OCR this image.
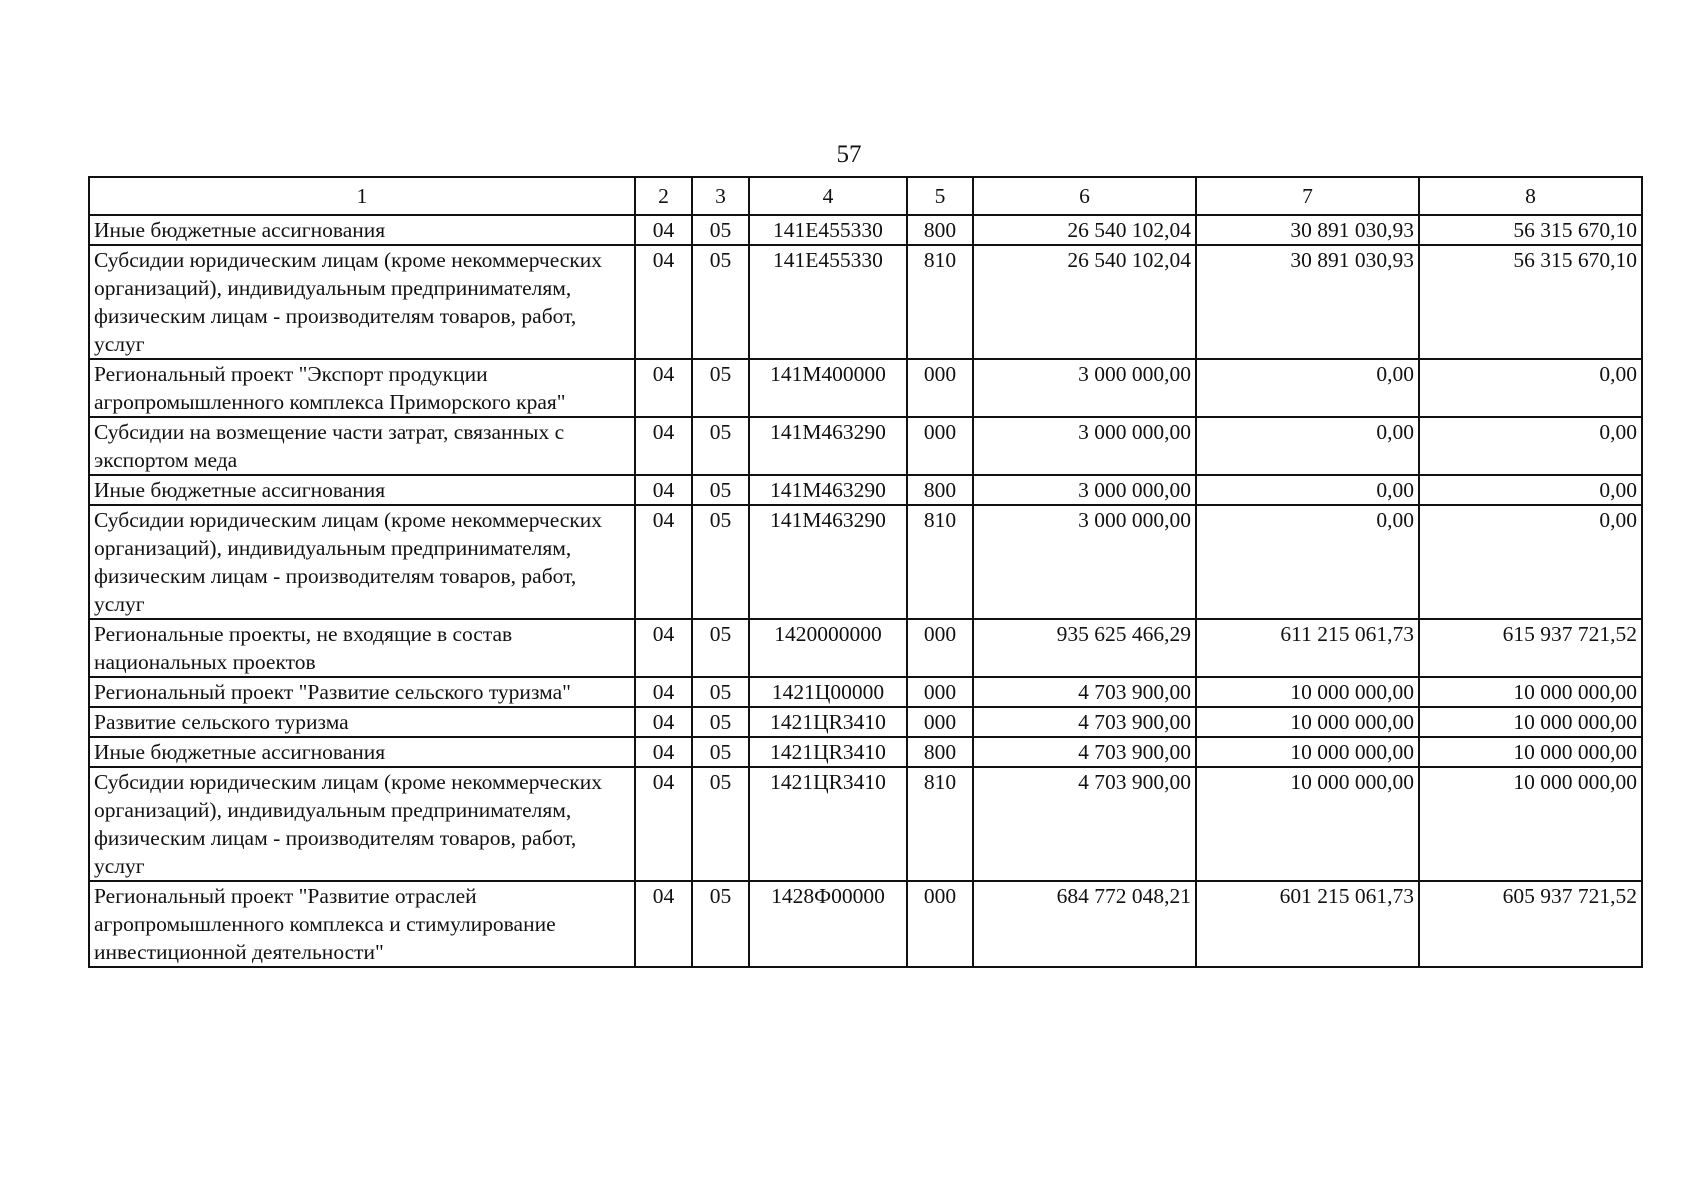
57
1	2	3	4	5	6	7	8
Иные бюджетные ассигнования	04	05	141E455330	800	26 540 102,04	30 891 030,93	56 315 670,10
Субсидии юридическим лицам (кроме некоммерческих организаций), индивидуальным предпринимателям, физическим лицам - производителям товаров, работ, услуг	04	05	141E455330	810	26 540 102,04	30 891 030,93	56 315 670,10
Региональный проект "Экспорт продукции агропромышленного комплекса Приморского края"	04	05	141M400000	000	3 000 000,00	0,00	0,00
Субсидии на возмещение части затрат, связанных с экспортом меда	04	05	141M463290	000	3 000 000,00	0,00	0,00
Иные бюджетные ассигнования	04	05	141M463290	800	3 000 000,00	0,00	0,00
Субсидии юридическим лицам (кроме некоммерческих организаций), индивидуальным предпринимателям, физическим лицам - производителям товаров, работ, услуг	04	05	141M463290	810	3 000 000,00	0,00	0,00
Региональные проекты, не входящие в состав национальных проектов	04	05	1420000000	000	935 625 466,29	611 215 061,73	615 937 721,52
Региональный проект "Развитие сельского туризма"	04	05	1421Ц00000	000	4 703 900,00	10 000 000,00	10 000 000,00
Развитие сельского туризма	04	05	1421ЦR3410	000	4 703 900,00	10 000 000,00	10 000 000,00
Иные бюджетные ассигнования	04	05	1421ЦR3410	800	4 703 900,00	10 000 000,00	10 000 000,00
Субсидии юридическим лицам (кроме некоммерческих организаций), индивидуальным предпринимателям, физическим лицам - производителям товаров, работ, услуг	04	05	1421ЦR3410	810	4 703 900,00	10 000 000,00	10 000 000,00
Региональный проект "Развитие отраслей агропромышленного комплекса и стимулирование инвестиционной деятельности"	04	05	1428Ф00000	000	684 772 048,21	601 215 061,73	605 937 721,52
